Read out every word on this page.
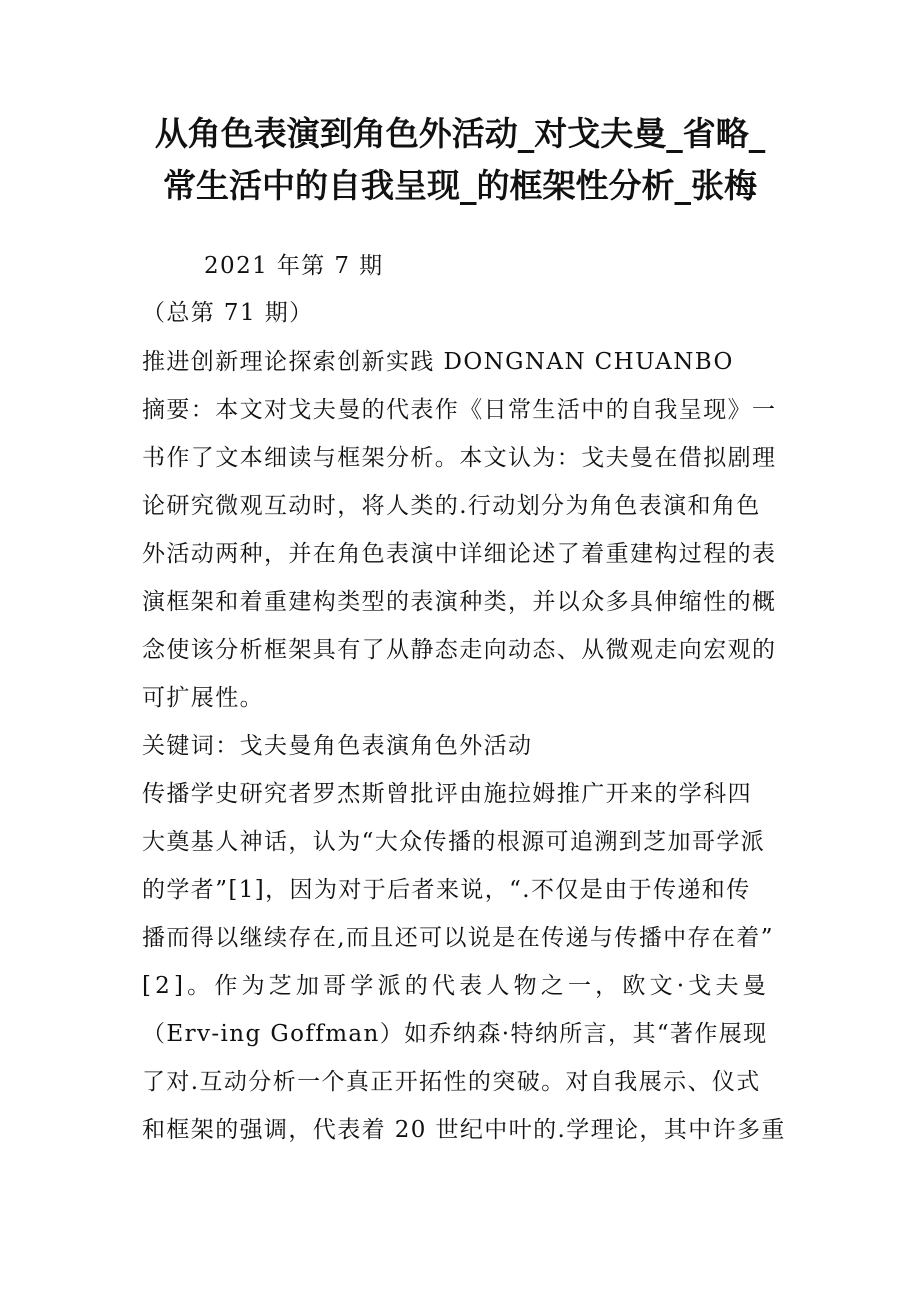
从角色表演到角色外活动_对戈夫曼_省略_
常生活中的自我呈现_的框架性分析_张梅
2021 年第 7 期
（总第 71 期）
推进创新理论探索创新实践 DONGNAN CHUANBO
摘要：本文对戈夫曼的代表作《日常生活中的自我呈现》一
书作了文本细读与框架分析。本文认为：戈夫曼在借拟剧理
论研究微观互动时，将人类的.行动划分为角色表演和角色
外活动两种，并在角色表演中详细论述了着重建构过程的表
演框架和着重建构类型的表演种类，并以众多具伸缩性的概
念使该分析框架具有了从静态走向动态、从微观走向宏观的
可扩展性。
关键词：戈夫曼角色表演角色外活动
传播学史研究者罗杰斯曾批评由施拉姆推广开来的学科四
大奠基人神话，认为“大众传播的根源可追溯到芝加哥学派
的学者”[1]，因为对于后者来说，“.不仅是由于传递和传
播而得以继续存在,而且还可以说是在传递与传播中存在着”
[2]。作为芝加哥学派的代表人物之一，欧文·戈夫曼
（Erv-ing Goffman）如乔纳森·特纳所言，其“著作展现
了对.互动分析一个真正开拓性的突破。对自我展示、仪式
和框架的强调，代表着 20 世纪中叶的.学理论，其中许多重
